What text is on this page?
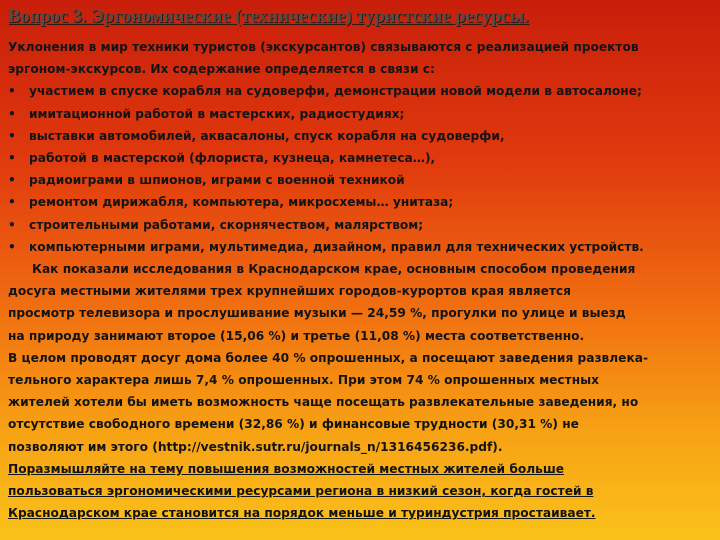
Вопрос 3. Эргономические (технические) туристские ресурсы.
Уклонения в мир техники туристов (экскурсантов) связываются с реализацией проектов
эргоном-экскурсов. Их содержание определяется в связи с:
•	участием в спуске корабля на судоверфи, демонстрации новой модели в автосалоне;
•	имитационной работой в мастерских, радиостудиях;
•	выставки автомобилей, аквасалоны, спуск корабля на судоверфи,
•	работой в мастерской (флориста, кузнеца, камнетеса…),
•	радиоиграми в шпионов, играми с военной техникой
•	ремонтом дирижабля, компьютера, микросхемы… унитаза;
•	строительными работами, скорнячеством, малярством;
•	компьютерными играми, мультимедиа, дизайном, правил для технических устройств.
Как показали исследования в Краснодарском крае, основным способом проведения
досуга местными жителями трех крупнейших городов-курортов края является
просмотр телевизора и прослушивание музыки — 24,59 %, прогулки по улице и выезд
на природу занимают второе (15,06 %) и третье (11,08 %) места соответственно.
В целом проводят досуг дома более 40 % опрошенных, а посещают заведения развлека-
тельного характера лишь 7,4 % опрошенных. При этом 74 % опрошенных местных
жителей хотели бы иметь возможность чаще посещать развлекательные заведения, но
отсутствие свободного времени (32,86 %) и финансовые трудности (30,31 %) не
позволяют им этого (http://vestnik.sutr.ru/journals_n/1316456236.pdf).
Поразмышляйте на тему повышения возможностей местных жителей больше
пользоваться эргономическими ресурсами региона в низкий сезон, когда гостей в
Краснодарском крае становится на порядок меньше и туриндустрия простаивает.
